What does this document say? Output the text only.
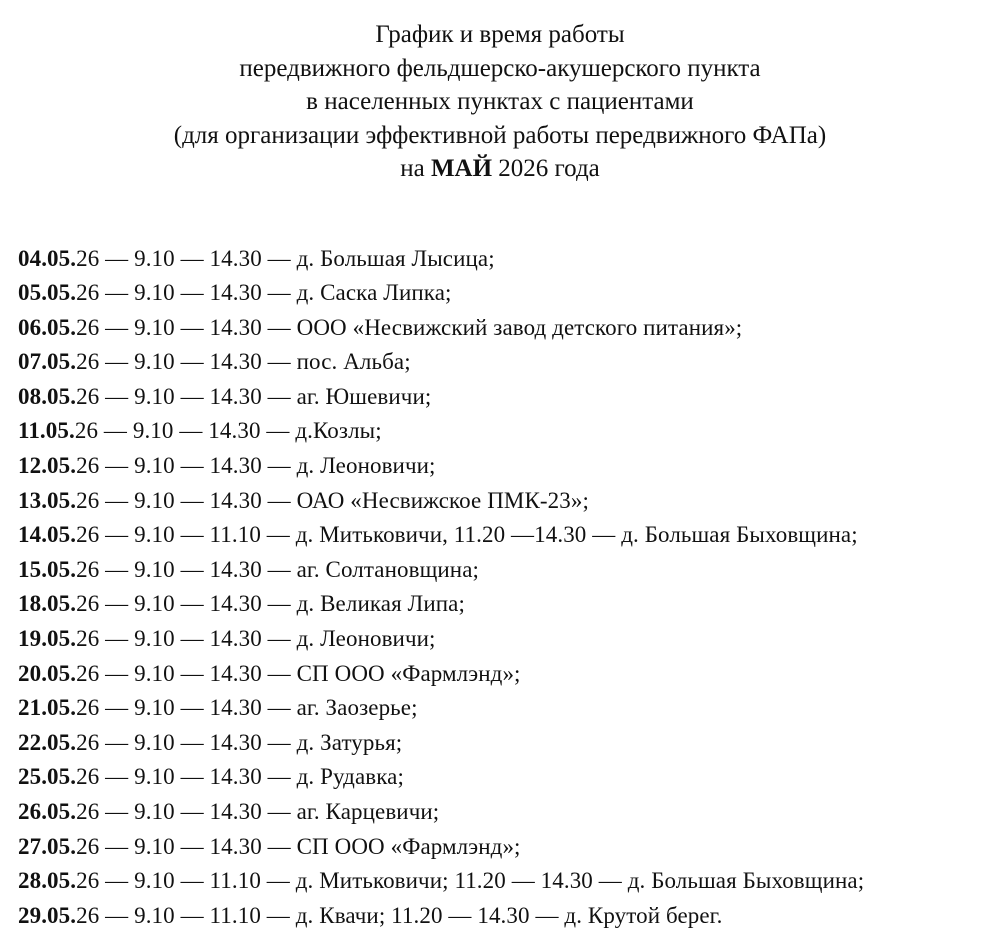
График и время работы
передвижного фельдшерско-акушерского пункта
в населенных пунктах с пациентами
(для организации эффективной работы передвижного ФАПа)
на МАЙ 2026 года
04.05.26 — 9.10 — 14.30 — д. Большая Лысица;
05.05.26 — 9.10 — 14.30 — д. Саска Липка;
06.05.26 — 9.10 — 14.30 — ООО «Несвижский завод детского питания»;
07.05.26 — 9.10 — 14.30 — пос. Альба;
08.05.26 — 9.10 — 14.30 — аг. Юшевичи;
11.05.26 — 9.10 — 14.30 — д.Козлы;
12.05.26 — 9.10 — 14.30 — д. Леоновичи;
13.05.26 — 9.10 — 14.30 — ОАО «Несвижское ПМК-23»;
14.05.26 — 9.10 — 11.10 — д. Митьковичи, 11.20 —14.30 — д. Большая Быховщина;
15.05.26 — 9.10 — 14.30 — аг. Солтановщина;
18.05.26 — 9.10 — 14.30 — д. Великая Липа;
19.05.26 — 9.10 — 14.30 — д. Леоновичи;
20.05.26 — 9.10 — 14.30 — СП ООО «Фармлэнд»;
21.05.26 — 9.10 — 14.30 — аг. Заозерье;
22.05.26 — 9.10 — 14.30 — д. Затурья;
25.05.26 — 9.10 — 14.30 — д. Рудавка;
26.05.26 — 9.10 — 14.30 — аг. Карцевичи;
27.05.26 — 9.10 — 14.30 — СП ООО «Фармлэнд»;
28.05.26 — 9.10 — 11.10 — д. Митьковичи; 11.20 — 14.30 — д. Большая Быховщина;
29.05.26 — 9.10 — 11.10 — д. Квачи; 11.20 — 14.30 — д. Крутой берег.
